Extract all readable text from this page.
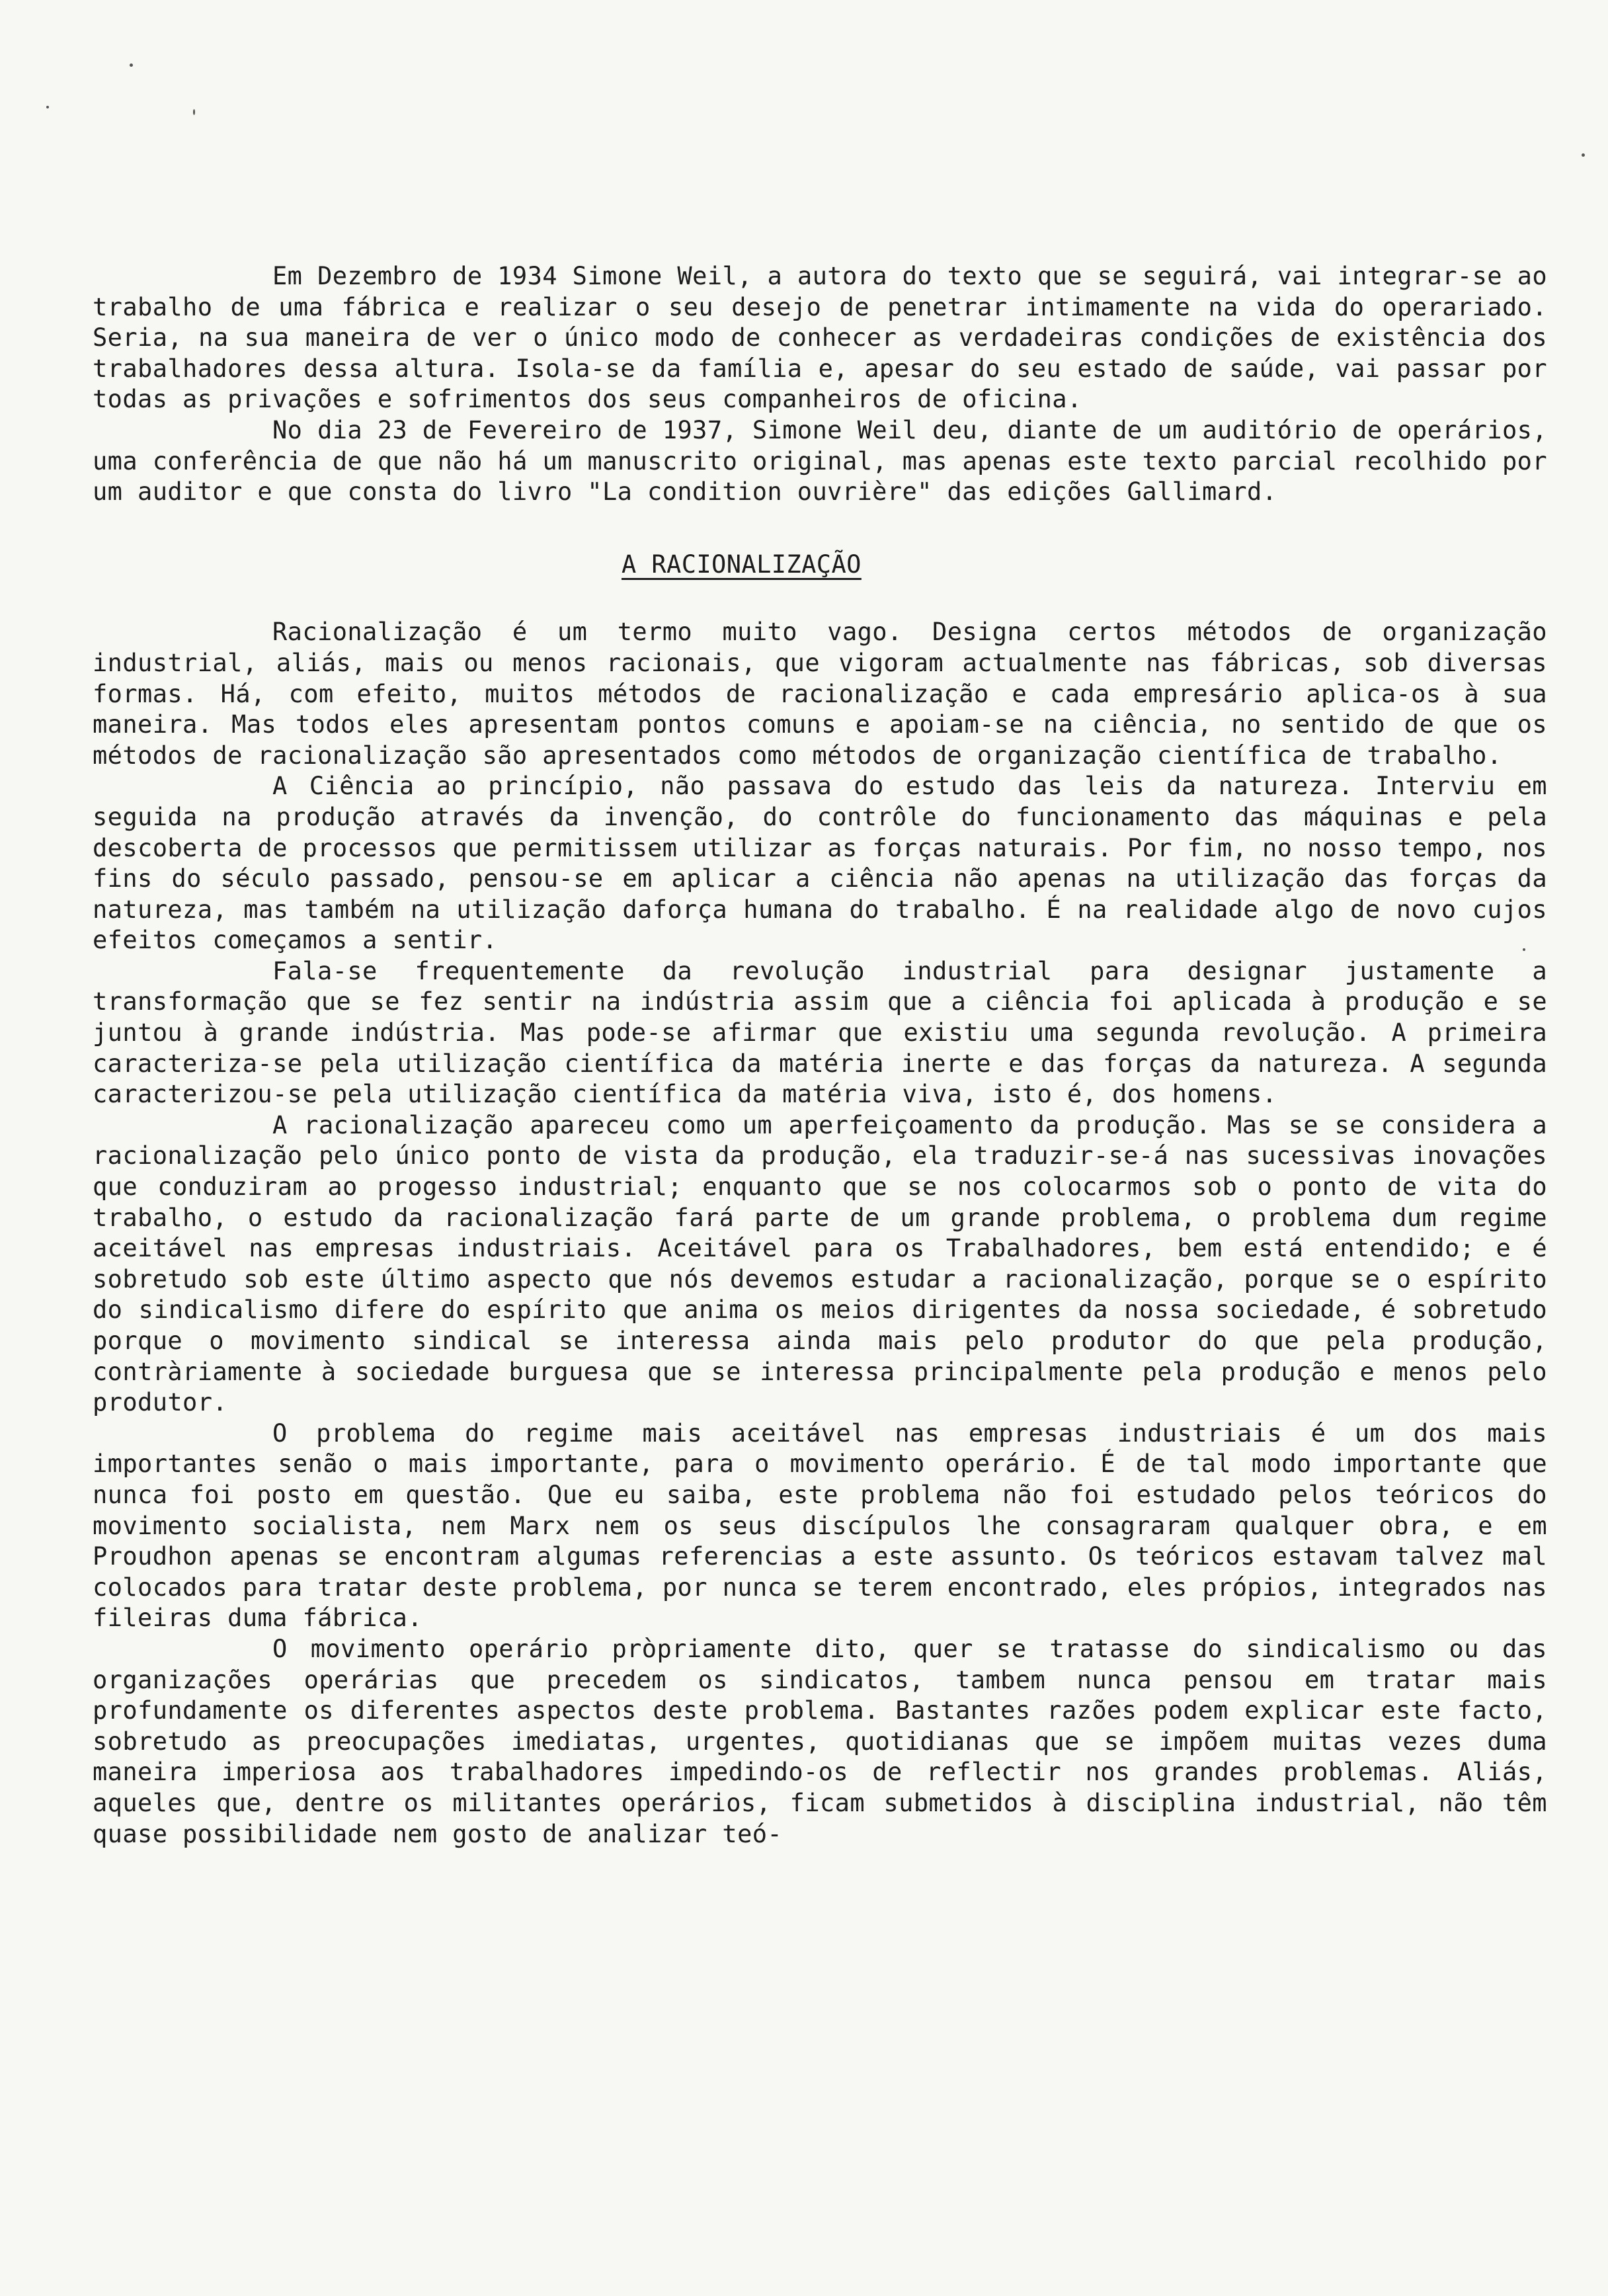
Em Dezembro de 1934 Simone Weil, a autora do texto que se seguirá, vai integrar-se ao trabalho de uma fábrica e realizar o seu desejo de penetrar intimamente na vida do operariado. Seria, na sua maneira de ver o único modo de conhecer as verdadeiras condições de existência dos trabalhadores dessa altura. Isola-se da família e, apesar do seu estado de saúde, vai passar por todas as privações e sofrimentos dos seus companheiros de oficina.

No dia 23 de Fevereiro de 1937, Simone Weil deu, diante de um auditório de operários, uma conferência de que não há um manuscrito original, mas apenas este texto parcial recolhido por um auditor e que consta do livro "La condition ouvrière" das edições Gallimard.

A RACIONALIZAÇÃO

Racionalização é um termo muito vago. Designa certos métodos de organização industrial, aliás, mais ou menos racionais, que vigoram actualmente nas fábricas, sob diversas formas. Há, com efeito, muitos métodos de racionalização e cada empresário aplica-os à sua maneira. Mas todos eles apresentam pontos comuns e apoiam-se na ciência, no sentido de que os métodos de racionalização são apresentados como métodos de organização científica de trabalho.

A Ciência ao princípio, não passava do estudo das leis da natureza. Interviu em seguida na produção através da invenção, do contrôle do funcionamento das máquinas e pela descoberta de processos que permitissem utilizar as forças naturais. Por fim, no nosso tempo, nos fins do século passado, pensou-se em aplicar a ciência não apenas na utilização das forças da natureza, mas também na utilização daforça humana do trabalho. É na realidade algo de novo cujos efeitos começamos a sentir.

Fala-se frequentemente da revolução industrial para designar justamente a transformação que se fez sentir na indústria assim que a ciência foi aplicada à produção e se juntou à grande indústria. Mas pode-se afirmar que existiu uma segunda revolução. A primeira caracteriza-se pela utilização científica da matéria inerte e das forças da natureza. A segunda caracterizou-se pela utilização científica da matéria viva, isto é, dos homens.

A racionalização apareceu como um aperfeiçoamento da produção. Mas se se considera a racionalização pelo único ponto de vista da produção, ela traduzir-se-á nas sucessivas inovações que conduziram ao progesso industrial; enquanto que se nos colocarmos sob o ponto de vita do trabalho, o estudo da racionalização fará parte de um grande problema, o problema dum regime aceitável nas empresas industriais. Aceitável para os Trabalhadores, bem está entendido; e é sobretudo sob este último aspecto que nós devemos estudar a racionalização, porque se o espírito do sindicalismo difere do espírito que anima os meios dirigentes da nossa sociedade, é sobretudo porque o movimento sindical se interessa ainda mais pelo produtor do que pela produção, contràriamente à sociedade burguesa que se interessa principalmente pela produção e menos pelo produtor.

O problema do regime mais aceitável nas empresas industriais é um dos mais importantes senão o mais importante, para o movimento operário. É de tal modo importante que nunca foi posto em questão. Que eu saiba, este problema não foi estudado pelos teóricos do movimento socialista, nem Marx nem os seus discípulos lhe consagraram qualquer obra, e em Proudhon apenas se encontram algumas referencias a este assunto. Os teóricos estavam talvez mal colocados para tratar deste problema, por nunca se terem encontrado, eles própios, integrados nas fileiras duma fábrica.

O movimento operário pròpriamente dito, quer se tratasse do sindicalismo ou das organizações operárias que precedem os sindicatos, tambem nunca pensou em tratar mais profundamente os diferentes aspectos deste problema. Bastantes razões podem explicar este facto, sobretudo as preocupações imediatas, urgentes, quotidianas que se impõem muitas vezes duma maneira imperiosa aos trabalhadores impedindo-os de reflectir nos grandes problemas. Aliás, aqueles que, dentre os militantes operários, ficam submetidos à disciplina industrial, não têm quase possibilidade nem gosto de analizar teó-
